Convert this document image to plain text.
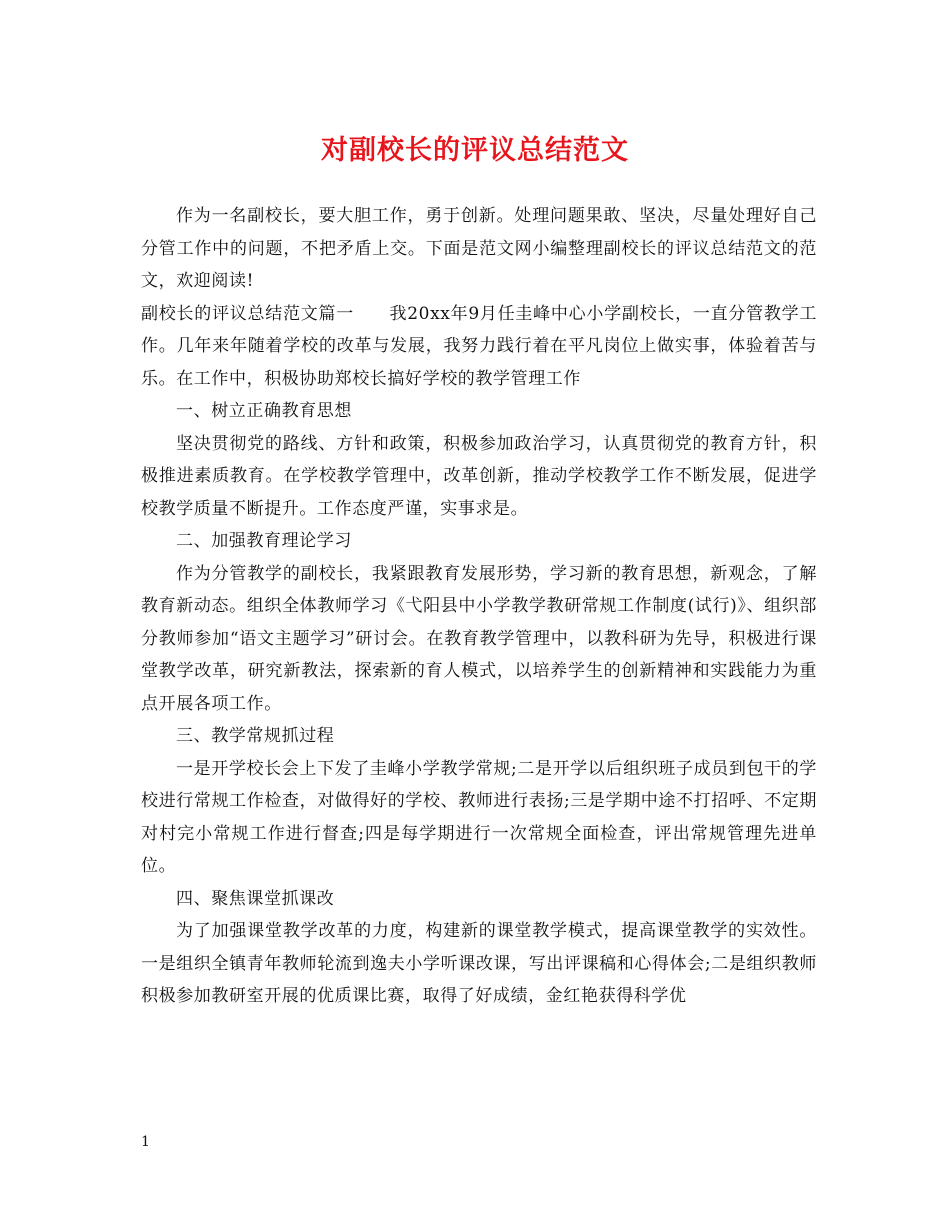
对副校长的评议总结范文

作为一名副校长，要大胆工作，勇于创新。处理问题果敢、坚决，尽量处理好自己分管工作中的问题，不把矛盾上交。下面是范文网小编整理副校长的评议总结范文的范文，欢迎阅读!

副校长的评议总结范文篇一　　我20xx年9月任圭峰中心小学副校长，一直分管教学工作。几年来年随着学校的改革与发展，我努力践行着在平凡岗位上做实事，体验着苦与乐。在工作中，积极协助郑校长搞好学校的教学管理工作

一、树立正确教育思想

坚决贯彻党的路线、方针和政策，积极参加政治学习，认真贯彻党的教育方针，积极推进素质教育。在学校教学管理中，改革创新，推动学校教学工作不断发展，促进学校教学质量不断提升。工作态度严谨，实事求是。

二、加强教育理论学习

作为分管教学的副校长，我紧跟教育发展形势，学习新的教育思想，新观念，了解教育新动态。组织全体教师学习《弋阳县中小学教学教研常规工作制度(试行)》、组织部分教师参加“语文主题学习”研讨会。在教育教学管理中，以教科研为先导，积极进行课堂教学改革，研究新教法，探索新的育人模式，以培养学生的创新精神和实践能力为重点开展各项工作。

三、教学常规抓过程

一是开学校长会上下发了圭峰小学教学常规;二是开学以后组织班子成员到包干的学校进行常规工作检查，对做得好的学校、教师进行表扬;三是学期中途不打招呼、不定期对村完小常规工作进行督查;四是每学期进行一次常规全面检查，评出常规管理先进单位。

四、聚焦课堂抓课改

为了加强课堂教学改革的力度，构建新的课堂教学模式，提高课堂教学的实效性。一是组织全镇青年教师轮流到逸夫小学听课改课，写出评课稿和心得体会;二是组织教师积极参加教研室开展的优质课比赛，取得了好成绩，金红艳获得科学优

1
